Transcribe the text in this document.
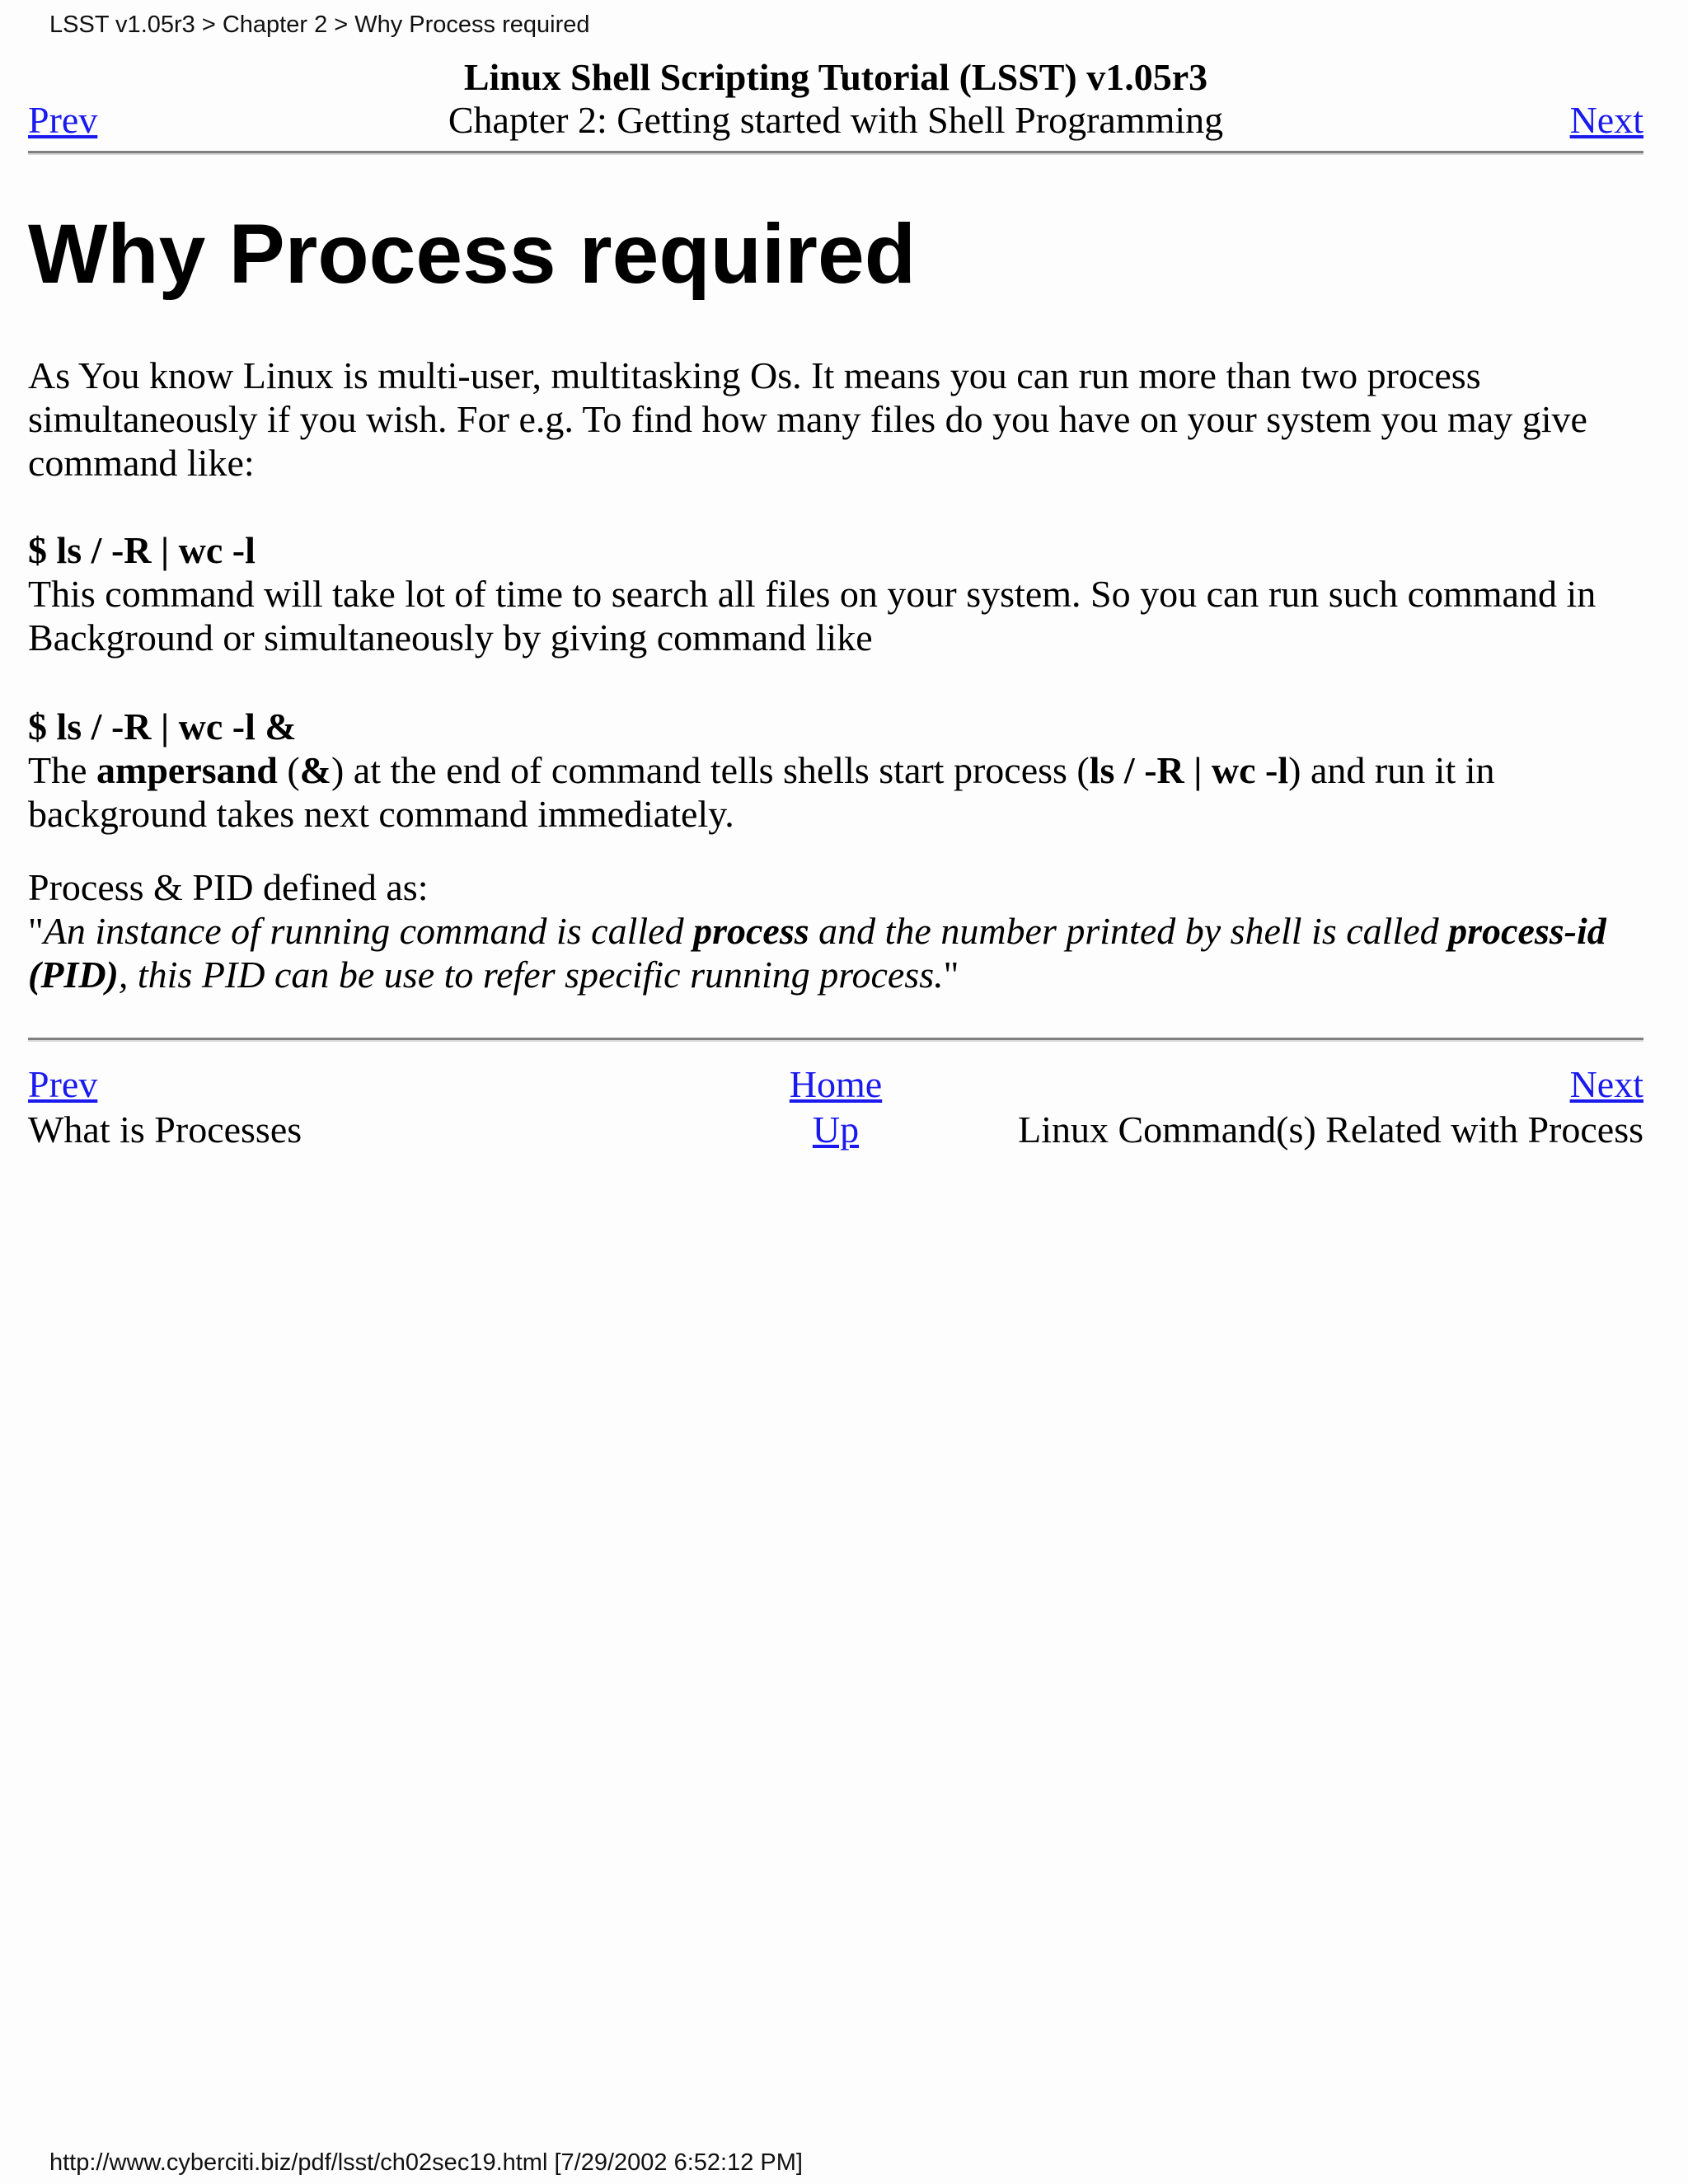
LSST v1.05r3 > Chapter 2 > Why Process required
Prev
Linux Shell Scripting Tutorial (LSST) v1.05r3
Chapter 2: Getting started with Shell Programming	Next
Why Process required

As You know Linux is multi-user, multitasking Os. It means you can run more than two process simultaneously if you wish. For e.g. To find how many files do you have on your system you may give command like:

$ ls / -R | wc -l

This command will take lot of time to search all files on your system. So you can run such command in Background or simultaneously by giving command like

$ ls / -R | wc -l &

The ampersand (&) at the end of command tells shells start process (ls / -R | wc -l) and run it in background takes next command immediately.

Process & PID defined as:

"An instance of running command is called process and the number printed by shell is called process-id (PID), this PID can be use to refer specific running process."

Prev
What is Processes
Home
Up
Next
Linux Command(s) Related with Process
http://www.cyberciti.biz/pdf/lsst/ch02sec19.html [7/29/2002 6:52:12 PM]
